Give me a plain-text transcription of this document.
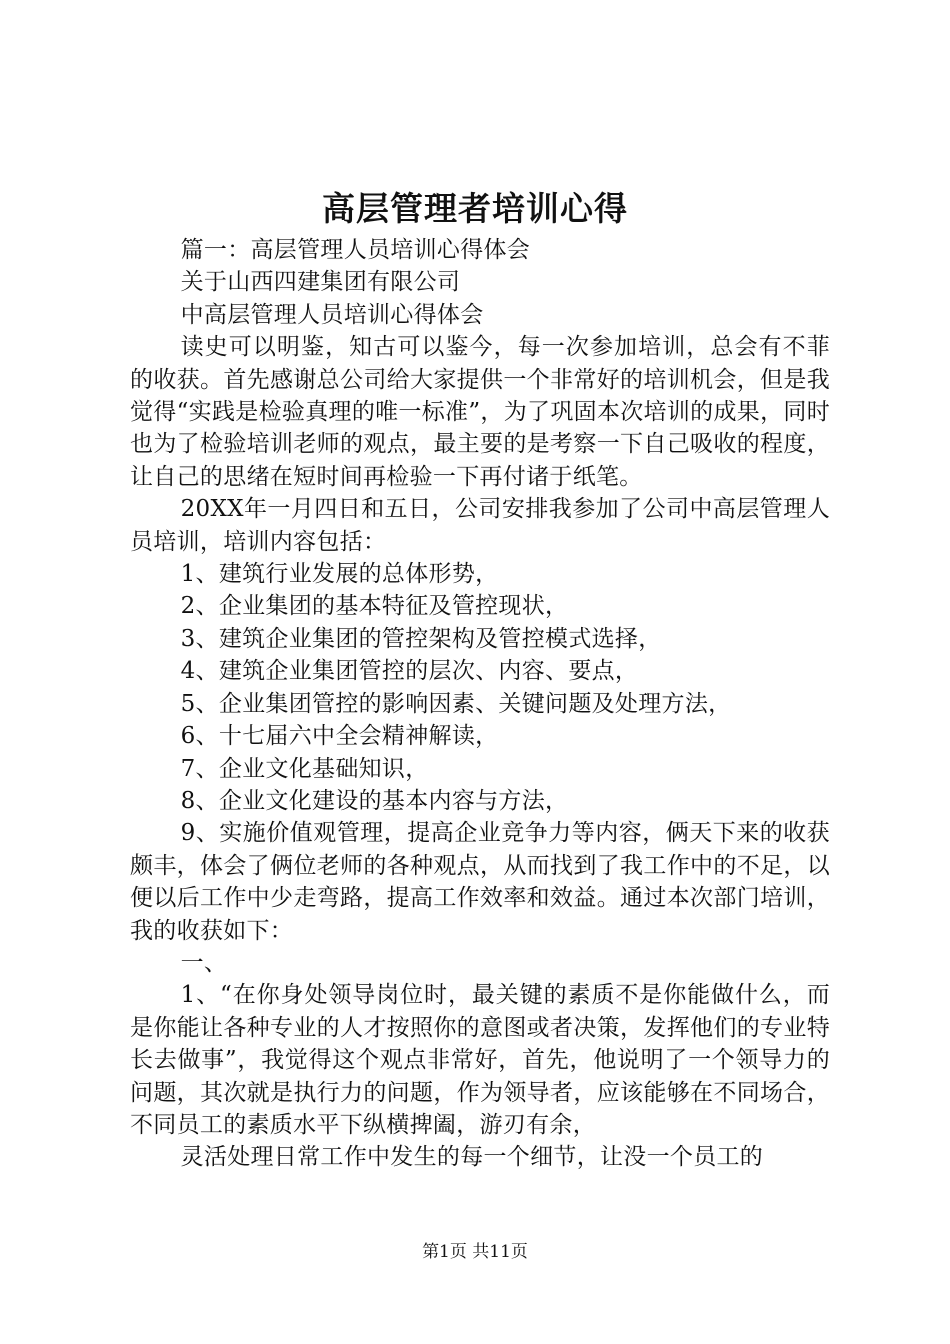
高层管理者培训心得

篇一：高层管理人员培训心得体会

关于山西四建集团有限公司

中高层管理人员培训心得体会

读史可以明鉴，知古可以鉴今，每一次参加培训，总会有不菲的收获。首先感谢总公司给大家提供一个非常好的培训机会，但是我觉得“实践是检验真理的唯一标准”，为了巩固本次培训的成果，同时也为了检验培训老师的观点，最主要的是考察一下自己吸收的程度，让自己的思绪在短时间再检验一下再付诸于纸笔。

20XX年一月四日和五日，公司安排我参加了公司中高层管理人员培训，培训内容包括：

1、建筑行业发展的总体形势，

2、企业集团的基本特征及管控现状，

3、建筑企业集团的管控架构及管控模式选择，

4、建筑企业集团管控的层次、内容、要点，

5、企业集团管控的影响因素、关键问题及处理方法，

6、十七届六中全会精神解读，

7、企业文化基础知识，

8、企业文化建设的基本内容与方法，

9、实施价值观管理，提高企业竞争力等内容，俩天下来的收获颇丰，体会了俩位老师的各种观点，从而找到了我工作中的不足，以便以后工作中少走弯路，提高工作效率和效益。通过本次部门培训，我的收获如下：

一、

1、“在你身处领导岗位时，最关键的素质不是你能做什么，而是你能让各种专业的人才按照你的意图或者决策，发挥他们的专业特长去做事”，我觉得这个观点非常好，首先，他说明了一个领导力的问题，其次就是执行力的问题，作为领导者，应该能够在不同场合，不同员工的素质水平下纵横捭阖，游刃有余，

灵活处理日常工作中发生的每一个细节，让没一个员工的

第1页 共11页
